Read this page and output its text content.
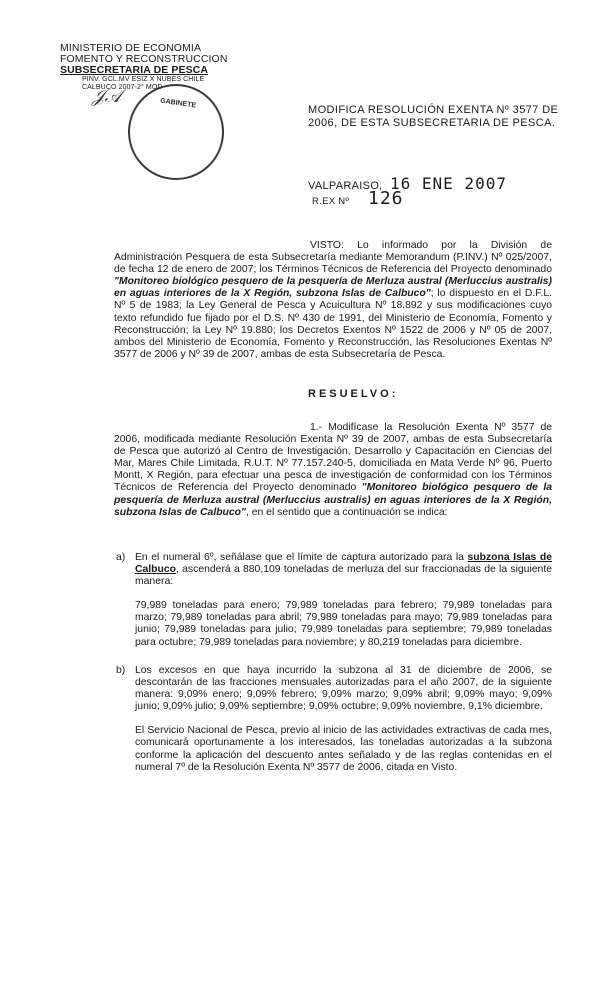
MINISTERIO DE ECONOMIA
FOMENTO Y RECONSTRUCCION
SUBSECRETARIA DE PESCA
PINV. GCL.MV ESIZ X NUBES CHILE
CALBUCO 2007-2° MOD
𝒥𝒜	GABINETE
MODIFICA RESOLUCIÓN EXENTA Nº 3577 DE
2006, DE ESTA SUBSECRETARIA DE PESCA.
VALPARAISO, 16 ENE 2007
R.EX Nº 126

VISTO: Lo informado por la División de Administración Pesquera de esta Subsecretaría mediante Memorandum (P.INV.) Nº 025/2007, de fecha 12 de enero de 2007; los Términos Técnicos de Referencia del Proyecto denominado "Monitoreo biológico pesquero de la pesquería de Merluza austral (Merluccius australis) en aguas interiores de la X Región, subzona Islas de Calbuco"; lo dispuesto en el D.F.L. Nº 5 de 1983; la Ley General de Pesca y Acuicultura Nº 18.892 y sus modificaciones cuyo texto refundido fue fijado por el D.S. Nº 430 de 1991, del Ministerio de Economía, Fomento y Reconstrucción; la Ley Nº 19.880; los Decretos Exentos Nº 1522 de 2006 y Nº 05 de 2007, ambos del Ministerio de Economía, Fomento y Reconstrucción, las Resoluciones Exentas Nº 3577 de 2006 y Nº 39 de 2007, ambas de esta Subsecretaría de Pesca.

RESUELVO:

1.- Modifícase la Resolución Exenta Nº 3577 de 2006, modificada mediante Resolución Exenta Nº 39 de 2007, ambas de esta Subsecretaría de Pesca que autorizó al Centro de Investigación, Desarrollo y Capacitación en Ciencias del Mar, Mares Chile Limitada, R.U.T. Nº 77.157.240-5, domiciliada en Mata Verde Nº 96, Puerto Montt, X Región, para efectuar una pesca de investigación de conformidad con los Términos Técnicos de Referencia del Proyecto denominado "Monitoreo biológico pesquero de la pesquería de Merluza austral (Merluccius australis) en aguas interiores de la X Región, subzona Islas de Calbuco", en el sentido que a continuación se indica:

a) En el numeral 6º, señálase que el límite de captura autorizado para la subzona Islas de Calbuco, ascenderá a 880,109 toneladas de merluza del sur fraccionadas de la siguiente manera:

79,989 toneladas para enero; 79,989 toneladas para febrero; 79,989 toneladas para marzo; 79,989 toneladas para abril; 79,989 toneladas para mayo; 79,989 toneladas para junio; 79,989 toneladas para julio; 79,989 toneladas para septiembre; 79,989 toneladas para octubre; 79,989 toneladas para noviembre; y 80,219 toneladas para diciembre.

b) Los excesos en que haya incurrido la subzona al 31 de diciembre de 2006, se descontarán de las fracciones mensuales autorizadas para el año 2007, de la siguiente manera: 9,09% enero; 9,09% febrero; 9,09% marzo; 9,09% abril; 9,09% mayo; 9,09% junio; 9,09% julio; 9,09% septiembre; 9,09% octubre; 9,09% noviembre, 9,1% diciembre.

El Servicio Nacional de Pesca, previo al inicio de las actividades extractivas de cada mes, comunicará oportunamente a los interesados, las toneladas autorizadas a la subzona conforme la aplicación del descuento antes señalado y de las reglas contenidas en el numeral 7º de la Resolución Exenta Nº 3577 de 2006, citada en Visto.
